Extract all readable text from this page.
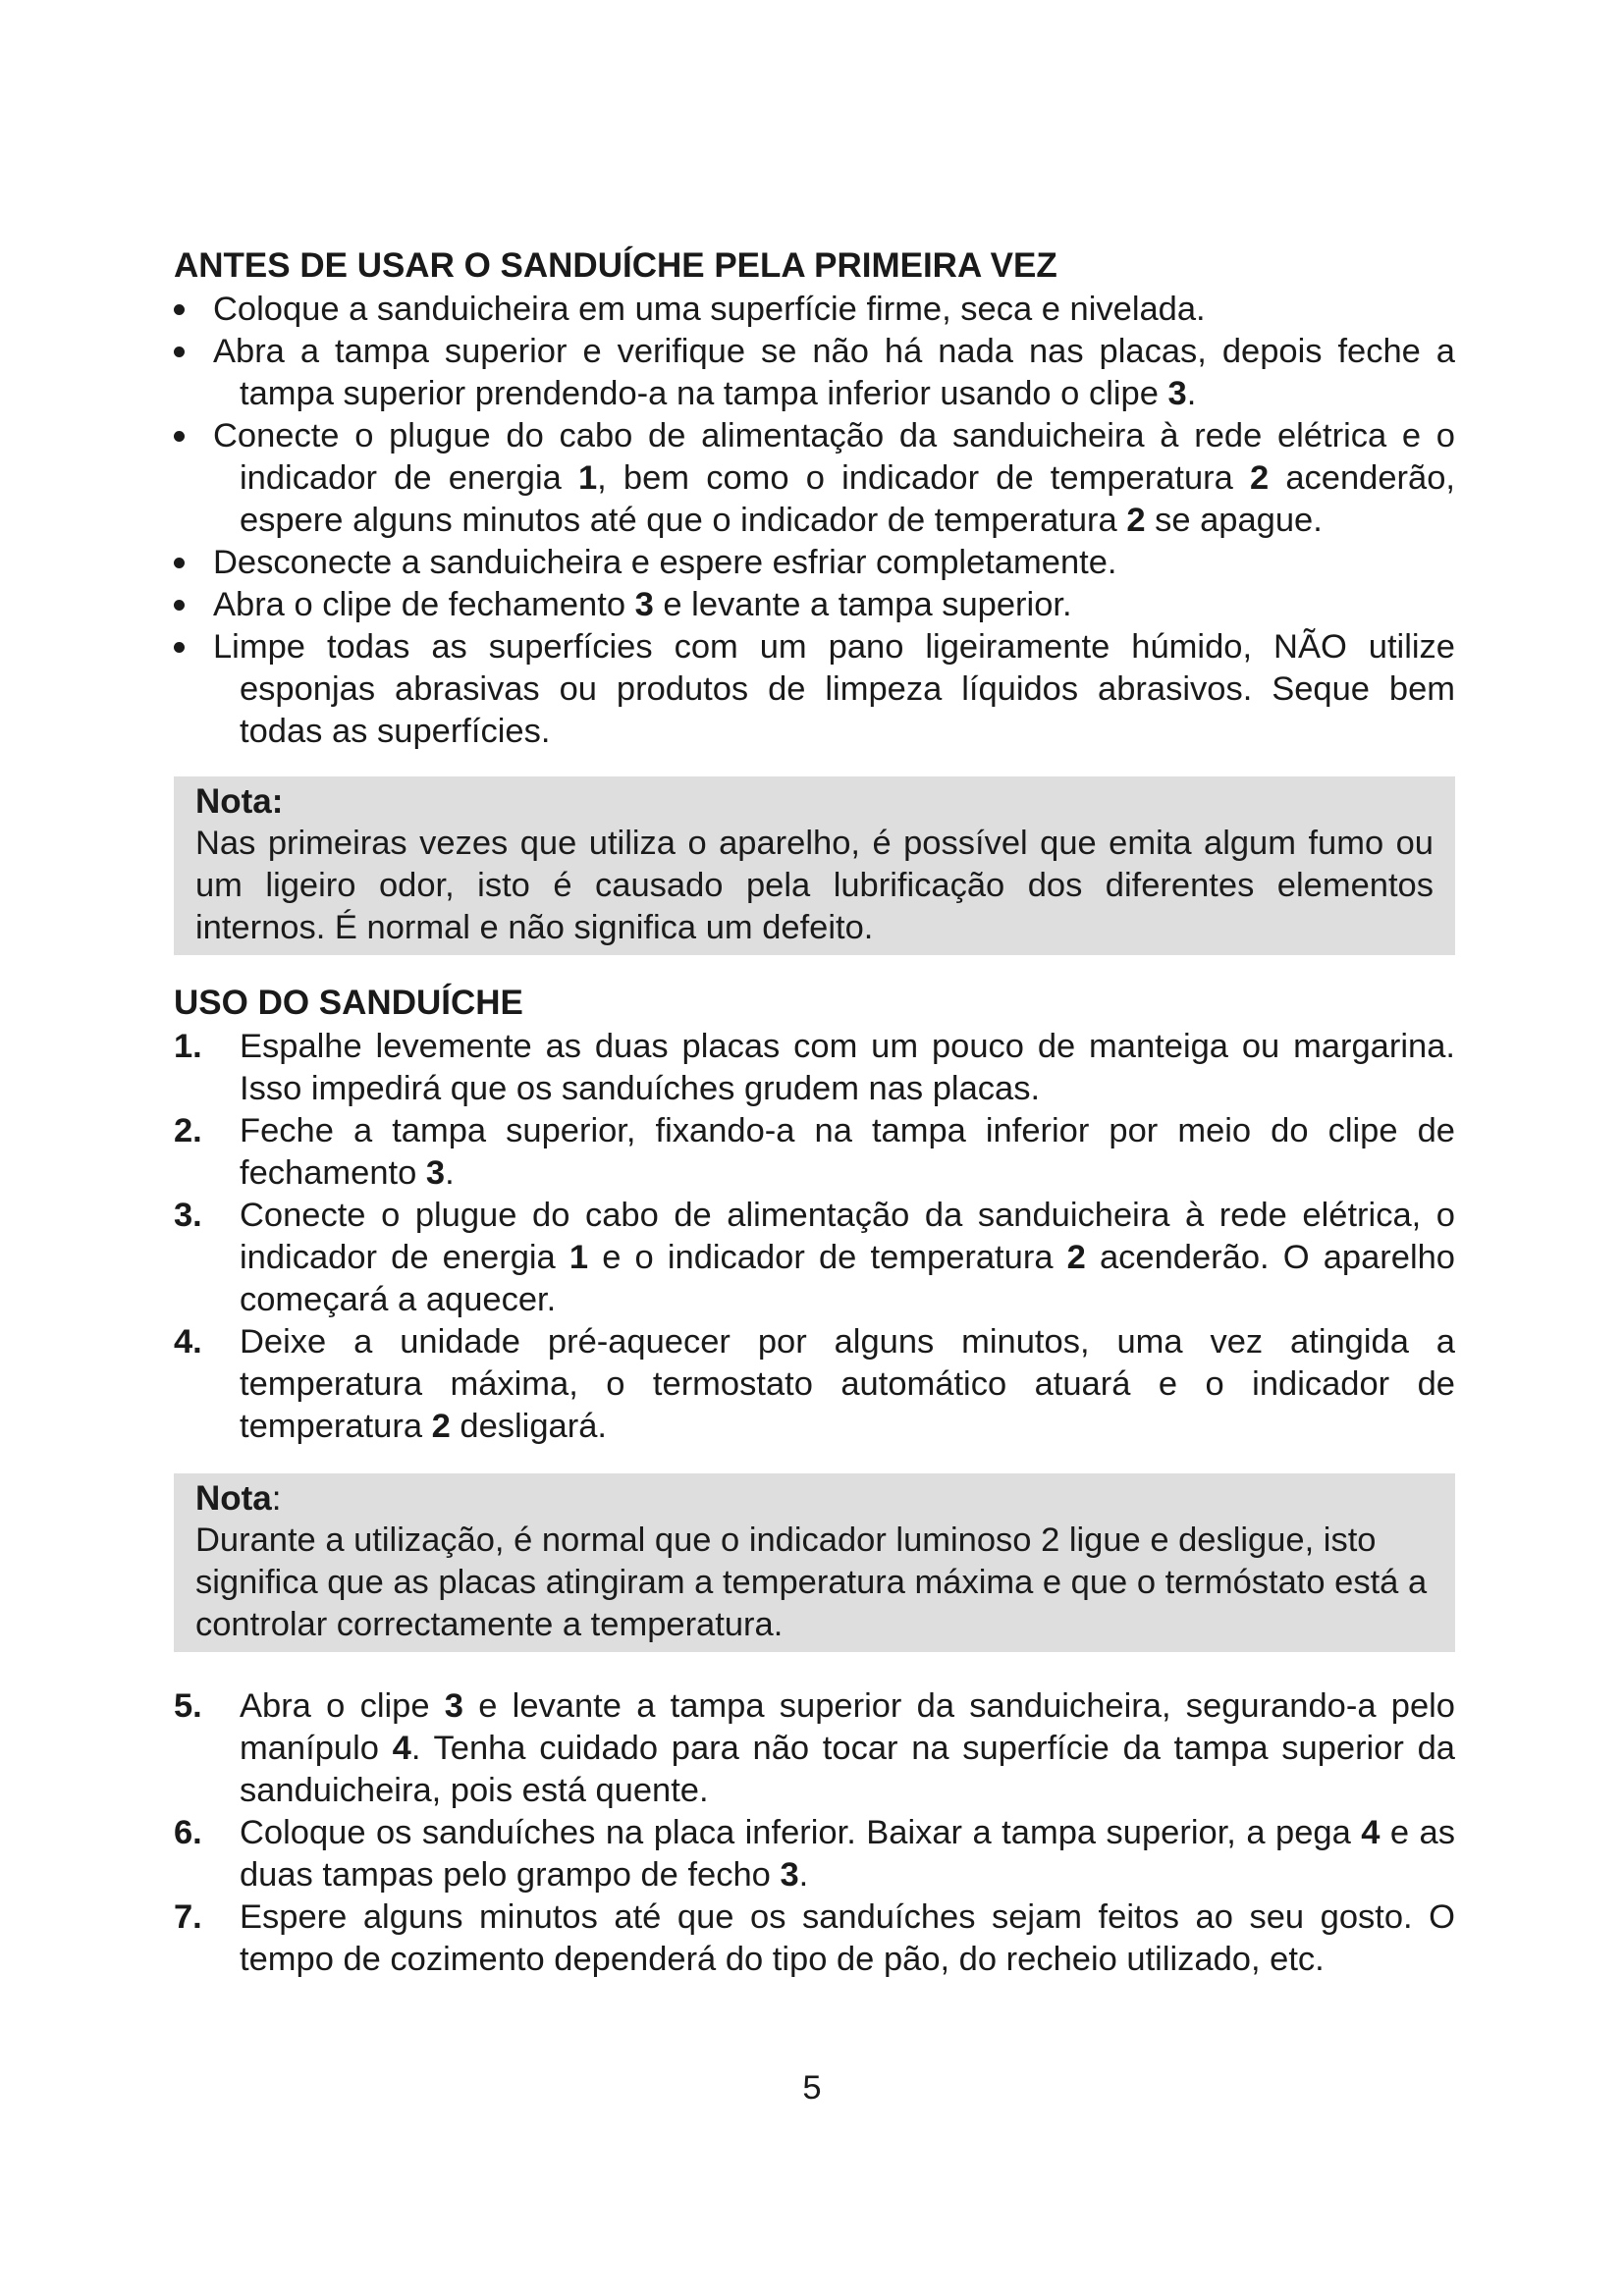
ANTES DE USAR O SANDUÍCHE PELA PRIMEIRA VEZ
Coloque a sanduicheira em uma superfície firme, seca e nivelada.
Abra a tampa superior e verifique se não há nada nas placas, depois feche a tampa superior prendendo-a na tampa inferior usando o clipe 3.
Conecte o plugue do cabo de alimentação da sanduicheira à rede elétrica e o indicador de energia 1, bem como o indicador de temperatura 2 acenderão, espere alguns minutos até que o indicador de temperatura 2 se apague.
Desconecte a sanduicheira e espere esfriar completamente.
Abra o clipe de fechamento 3 e levante a tampa superior.
Limpe todas as superfícies com um pano ligeiramente húmido, NÃO utilize esponjas abrasivas ou produtos de limpeza líquidos abrasivos. Seque bem todas as superfícies.
Nota:
Nas primeiras vezes que utiliza o aparelho, é possível que emita algum fumo ou um ligeiro odor, isto é causado pela lubrificação dos diferentes elementos internos. É normal e não significa um defeito.
USO DO SANDUÍCHE
1. Espalhe levemente as duas placas com um pouco de manteiga ou margarina. Isso impedirá que os sanduíches grudem nas placas.
2. Feche a tampa superior, fixando-a na tampa inferior por meio do clipe de fechamento 3.
3. Conecte o plugue do cabo de alimentação da sanduicheira à rede elétrica, o indicador de energia 1 e o indicador de temperatura 2 acenderão. O aparelho começará a aquecer.
4. Deixe a unidade pré-aquecer por alguns minutos, uma vez atingida a temperatura máxima, o termostato automático atuará e o indicador de temperatura 2 desligará.
Nota:
Durante a utilização, é normal que o indicador luminoso 2 ligue e desligue, isto significa que as placas atingiram a temperatura máxima e que o termóstato está a controlar correctamente a temperatura.
5. Abra o clipe 3 e levante a tampa superior da sanduicheira, segurando-a pelo manípulo 4. Tenha cuidado para não tocar na superfície da tampa superior da sanduicheira, pois está quente.
6. Coloque os sanduíches na placa inferior. Baixar a tampa superior, a pega 4 e as duas tampas pelo grampo de fecho 3.
7. Espere alguns minutos até que os sanduíches sejam feitos ao seu gosto. O tempo de cozimento dependerá do tipo de pão, do recheio utilizado, etc.
5
